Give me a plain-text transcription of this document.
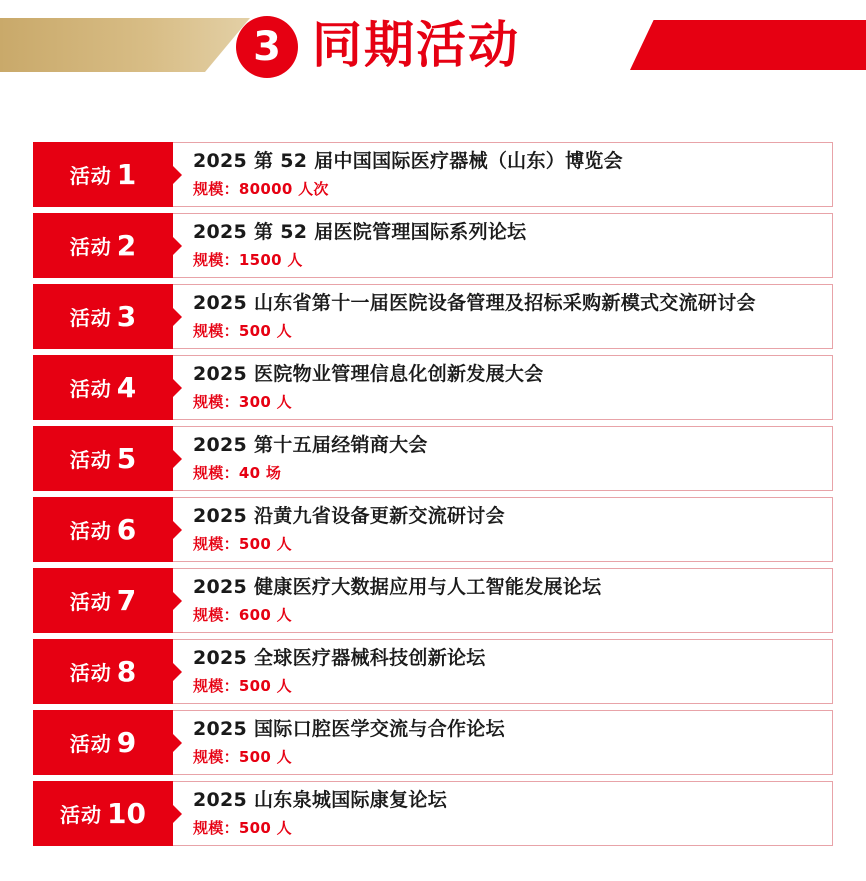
3 同期活动
活动 1	2025 第 52 届中国国际医疗器械（山东）博览会
规模：80000 人次
活动 2	2025 第 52 届医院管理国际系列论坛
规模：1500 人
活动 3	2025 山东省第十一届医院设备管理及招标采购新模式交流研讨会
规模：500 人
活动 4	2025 医院物业管理信息化创新发展大会
规模：300 人
活动 5	2025 第十五届经销商大会
规模：40 场
活动 6	2025 沿黄九省设备更新交流研讨会
规模：500 人
活动 7	2025 健康医疗大数据应用与人工智能发展论坛
规模：600 人
活动 8	2025 全球医疗器械科技创新论坛
规模：500 人
活动 9	2025 国际口腔医学交流与合作论坛
规模：500 人
活动 10 2025 山东泉城国际康复论坛
规模：500 人
